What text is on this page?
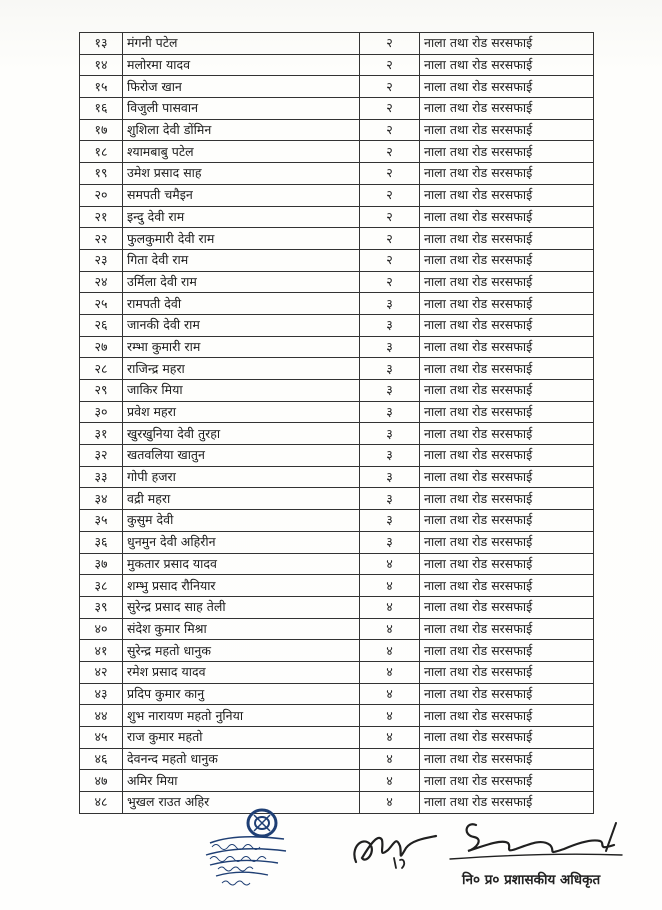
१३	मंगनी पटेल	२	नाला तथा रोड सरसफाई
१४	मलोरमा यादव	२	नाला तथा रोड सरसफाई
१५	फिरोज खान	२	नाला तथा रोड सरसफाई
१६	विजुली पासवान	२	नाला तथा रोड सरसफाई
१७	शुशिला देवी डोंमिन	२	नाला तथा रोड सरसफाई
१८	श्यामबाबु पटेल	२	नाला तथा रोड सरसफाई
१९	उमेश प्रसाद साह	२	नाला तथा रोड सरसफाई
२०	समपती चमैइन	२	नाला तथा रोड सरसफाई
२१	इन्दु देवी राम	२	नाला तथा रोड सरसफाई
२२	फुलकुमारी देवी राम	२	नाला तथा रोड सरसफाई
२३	गिता देवी राम	२	नाला तथा रोड सरसफाई
२४	उर्मिला देवी राम	२	नाला तथा रोड सरसफाई
२५	रामपती देवी	३	नाला तथा रोड सरसफाई
२६	जानकी देवी राम	३	नाला तथा रोड सरसफाई
२७	रम्भा कुमारी राम	३	नाला तथा रोड सरसफाई
२८	राजिन्द्र महरा	३	नाला तथा रोड सरसफाई
२९	जाकिर मिया	३	नाला तथा रोड सरसफाई
३०	प्रवेश महरा	३	नाला तथा रोड सरसफाई
३१	खुरखुनिया देवी तुरहा	३	नाला तथा रोड सरसफाई
३२	खतवलिया खातुन	३	नाला तथा रोड सरसफाई
३३	गोपी हजरा	३	नाला तथा रोड सरसफाई
३४	वद्री महरा	३	नाला तथा रोड सरसफाई
३५	कुसुम देवी	३	नाला तथा रोड सरसफाई
३६	धुनमुन देवी अहिरीन	३	नाला तथा रोड सरसफाई
३७	मुकतार प्रसाद यादव	४	नाला तथा रोड सरसफाई
३८	शम्भु प्रसाद रौनियार	४	नाला तथा रोड सरसफाई
३९	सुरेन्द्र प्रसाद साह तेली	४	नाला तथा रोड सरसफाई
४०	संदेश कुमार मिश्रा	४	नाला तथा रोड सरसफाई
४१	सुरेन्द्र महतो धानुक	४	नाला तथा रोड सरसफाई
४२	रमेश प्रसाद यादव	४	नाला तथा रोड सरसफाई
४३	प्रदिप कुमार कानु	४	नाला तथा रोड सरसफाई
४४	शुभ नारायण महतो नुनिया	४	नाला तथा रोड सरसफाई
४५	राज कुमार महतो	४	नाला तथा रोड सरसफाई
४६	देवनन्द महतो धानुक	४	नाला तथा रोड सरसफाई
४७	अमिर मिया	४	नाला तथा रोड सरसफाई
४८	भुखल राउत अहिर	४	नाला तथा रोड सरसफाई
नि० प्र० प्रशासकीय अधिकृत
